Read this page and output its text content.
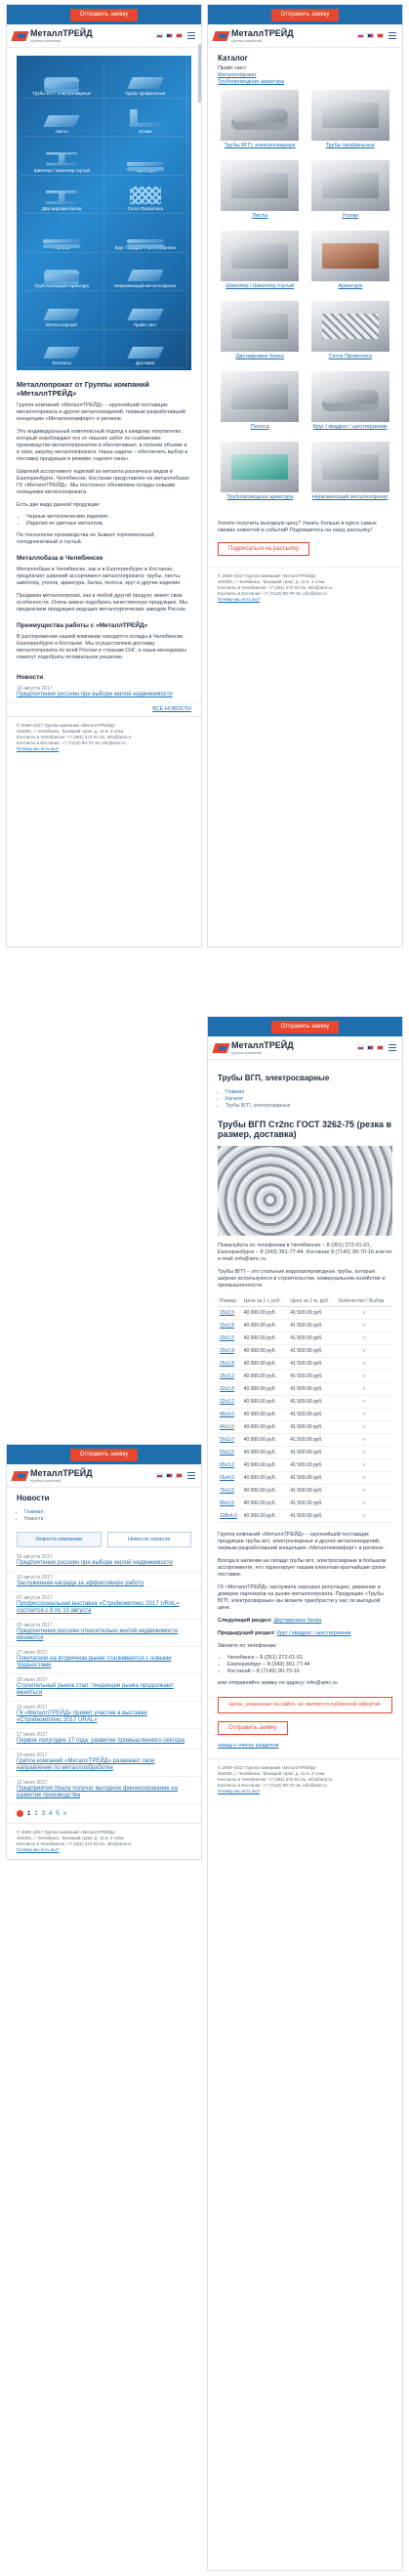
Отправить заявку
МеталлТРЕЙД
группа компаний
Трубы ВГП, электросварные	Трубы профильные
Листы	Уголки
Швеллер / Швеллер гнутый	Арматура
Двутавровая балка	Сетка Проволока
Полоса	Круг / квадрат / шестигранник
Трубопроводная арматура	Нержавеющий металлопрокат
Металлопрокат	Прайс-лист
Контакты	Доставка
Металлопрокат от Группы компаний «МеталлТРЕЙД»
Группа компаний «МеталлТРЕЙД» – крупнейший поставщик металлопроката и других металлоизделий, первым разработавший концепцию «Металлокомфорт» в регионе.
Это индивидуальный комплексный подход к каждому покупателю, который освобождает его от лишних забот по снабжению: производство металлопрокатом и обеспечивает, в полном объеме и в срок, закупку металлопроката. Наша задача – обеспечить выбор и поставку продукции в режиме «одного окна».
Широкий ассортимент изделий из металла различных видов в Екатеринбурге, Челябинске, Костанае представлен на металлобазах ГК «МеталлТРЕЙД». Мы постоянно обновляем склады новыми позициями металлопроката.
Есть две вида данной продукции:
• Черные металлические изделия;
• Изделия из цветных металлов.
По технологии производства он бывает горячекатаный, холоднокатаный и гнутый.
Металлобаза в Челябинске
Металлобаза в Челябинске, как и в Екатеринбурге и Костанае, предлагает широкий ассортимент металлопроката: трубы, листы, швеллер, уголок, арматура, балка, полоса, круг и другие изделия.
Продавая металлопрокат, как и любой другой продукт, имеет свои особенности. Очень важно подобрать качественную продукцию. Мы предлагаем продукцию ведущих металлургических заводов России.
Преимущества работы с «МеталлТРЕЙД»
В распоряжении нашей компании находятся склады в Челябинске, Екатеринбурге и Костанае. Мы осуществляем доставку металлопроката по всей России и странам СНГ, а наши менеджеры помогут подобрать оптимальное решение.
Новости
16 августа 2017
Предпочтения россиян при выборе жилой недвижимости
ВСЕ НОВОСТИ
© 2009–2017 Группа компаний «МеталлТРЕЙД»
454091, г. Челябинск, Троицкий тракт, д. 11-в, 3 этаж
Контакты в Челябинске: +7 (351) 272-01-01, info@amt.ru
Контакты в Костанае: +7 (7142) 90-70-16, info@amt.ru
Почему мы есть вы?
Отправить заявку
МеталлТРЕЙД
группа компаний
Каталог
Прайс-лист
Металлопрокат
Трубопроводная арматура
Трубы ВГП, электросварные	Трубы профильные
Листы	Уголки
Швеллер / Швеллер гнутый	Арматура
Двутавровая балка	Сетка Проволока
Полоса	Круг / квадрат / шестигранник
Трубопроводная арматура	Нержавеющий металлопрокат
Хотите получить выгодную цену? Узнать больше в курсе самых свежих новостей и событий! Подпишитесь на нашу рассылку!
Подписаться на рассылку
© 2009–2017 Группа компаний «МеталлТРЕЙД»
454091, г. Челябинск, Троицкий тракт, д. 11-в, 3 этаж
Контакты в Челябинске: +7 (351) 272-01-01, info@amt.ru
Контакты в Костанае: +7 (7142) 90-70-16, info@amt.ru
Почему мы есть вы?
Отправить заявку
МеталлТРЕЙД
группа компаний
Новости
• Главная
• Новости
Новости компании	Новости отрасли
16 августа 2017
Предпочтения россиян при выборе жилой недвижимости
10 августа 2017
Заслуженная награда за эффективную работу
07 августа 2017
Профессиональная выставка «Стройкомплекс 2017 URAL» состоится с 8 по 10 августа
02 августа 2017
Предпочтения россиян относительно жилой недвижимости меняются
27 июля 2017
Покупатели на вторичном рынке сталкиваются с новыми трудностями
25 июля 2017
Строительный рынок стал: тенденции рынка продолжают меняться
19 июля 2017
ГК «МеталлТРЕЙД» примет участие в выставке «Стройкомплекс 2017 URAL»
17 июля 2017
Первое полугодие 17 года: развитие промышленного сектора
14 июля 2017
Группа компаний «МеталлТРЕЙД» развивает свое направление по металлообработке
12 июля 2017
Предприятия Урала получат выгодное финансирование на развитие производства
1 2 3 4 5 »
© 2009–2017 Группа компаний «МеталлТРЕЙД»
454091, г. Челябинск, Троицкий тракт, д. 11-в, 3 этаж
Контакты в Челябинске: +7 (351) 272-01-01, info@amt.ru
Почему мы есть вы?
Отправить заявку
МеталлТРЕЙД
группа компаний
Трубы ВГП, электросварные
• Главная
• Каталог
• Трубы ВГП, электросварные
Трубы ВГП Ст2пс ГОСТ 3262-75 (резка в размер, доставка)
Пожалуйста по телефонам в Челябинске – 8 (351) 272-01-01, Екатеринбурге – 8 (343) 361-77-44, Костанае 8 (7142) 90-70-16 или по e-mail: info@amc.ru
Трубы ВГП – это стальные водогазопроводные трубы, которые широко используются в строительстве, коммунальном хозяйстве и промышленности.
Размер	Цена за 1 т, руб.	Цена за 1 м, руб.	Количество / Выбор
15х2,5	40 000.00 руб.	41 500.00 руб.	✓
15х2,8	40 000.00 руб.	41 500.00 руб.	✓
20х2,5	40 000.00 руб.	41 500.00 руб.	✓
20х2,8	40 000.00 руб.	41 500.00 руб.	✓
25х2,8	40 000.00 руб.	41 500.00 руб.	✓
25х3,2	40 000.00 руб.	41 500.00 руб.	✓
32х2,8	40 000.00 руб.	41 500.00 руб.	✓
32х3,2	40 000.00 руб.	41 500.00 руб.	✓
40х3,0	40 000.00 руб.	41 500.00 руб.	✓
40х3,5	40 000.00 руб.	41 500.00 руб.	✓
50х3,0	40 000.00 руб.	41 500.00 руб.	✓
50х3,5	40 000.00 руб.	41 500.00 руб.	✓
65х3,2	40 000.00 руб.	41 500.00 руб.	✓
65х4,0	40 000.00 руб.	41 500.00 руб.	✓
76х3,5	40 000.00 руб.	41 500.00 руб.	✓
89х3,5	40 000.00 руб.	41 500.00 руб.	✓
108х4,0	40 000.00 руб.	41 500.00 руб.	✓
Группа компаний «МеталлТРЕЙД» – крупнейший поставщик продукции трубы вгп, электросварные и других металлоизделий, первым разработавший концепцию «Металлокомфорт» в регионе.
Всегда в наличии на складе трубы вгп, электросварные в большом ассортименте, что гарантирует нашим клиентам кратчайшие сроки поставки.
ГК «МеталлТРЕЙД» заслужила хорошую репутацию, уважение и доверие партнеров на рынке металлопроката. Продукцию «Трубы ВГП, электросварные» вы можете приобрести у нас по выгодной цене.
Следующий раздел: Двутавровая балка
Предыдущий раздел: Круг / квадрат / шестигранник
Звоните по телефонам:
• Челябинск – 8 (351) 272-01-01
• Екатеринбург – 8 (343) 361-77-44
• Костанай – 8 (7142) 90-70-16
или отправляйте заявку по адресу: info@amc.ru
Цены, указанные на сайте, не являются публичной офертой.
Отправить заявку
назад к списку разделов
© 2009–2017 Группа компаний «МеталлТРЕЙД»
454091, г. Челябинск, Троицкий тракт, д. 11-в, 3 этаж
Контакты в Челябинске: +7 (351) 272-01-01, info@amt.ru
Контакты в Костанае: +7 (7142) 90-70-16, info@amt.ru
Почему мы есть вы?
